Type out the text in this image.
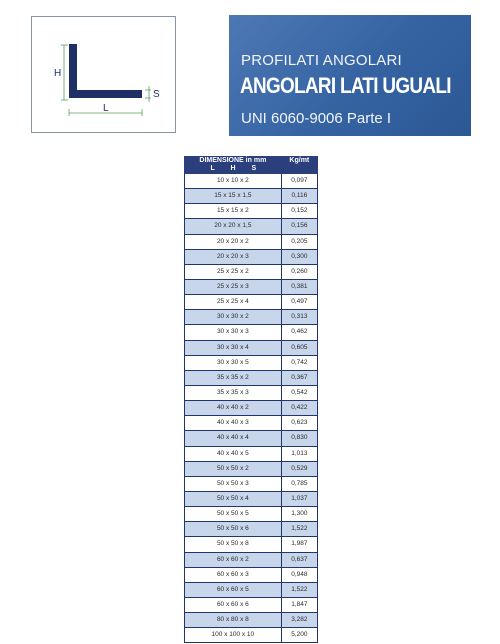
H
L
S
PROFILATI ANGOLARI
ANGOLARI LATI UGUALI
UNI 6060-9006 Parte I
DIMENSIONE in mm
L H S	Kg/mt
10 x 10 x 2	0,097
15 x 15 x 1,5	0,116
15 x 15 x 2	0,152
20 x 20 x 1,5	0,156
20 x 20 x 2	0,205
20 x 20 x 3	0,300
25 x 25 x 2	0,260
25 x 25 x 3	0,381
25 x 25 x 4	0,497
30 x 30 x 2	0,313
30 x 30 x 3	0,462
30 x 30 x 4	0,605
30 x 30 x 5	0,742
35 x 35 x 2	0,367
35 x 35 x 3	0,542
40 x 40 x 2	0,422
40 x 40 x 3	0,623
40 x 40 x 4	0,830
40 x 40 x 5	1,013
50 x 50 x 2	0,529
50 x 50 x 3	0,785
50 x 50 x 4	1,037
50 x 50 x 5	1,300
50 x 50 x 6	1,522
50 x 50 x 8	1,987
60 x 60 x 2	0,637
60 x 60 x 3	0,948
60 x 60 x 5	1,522
60 x 60 x 6	1,847
80 x 80 x 8	3,282
100 x 100 x 10	5,200
